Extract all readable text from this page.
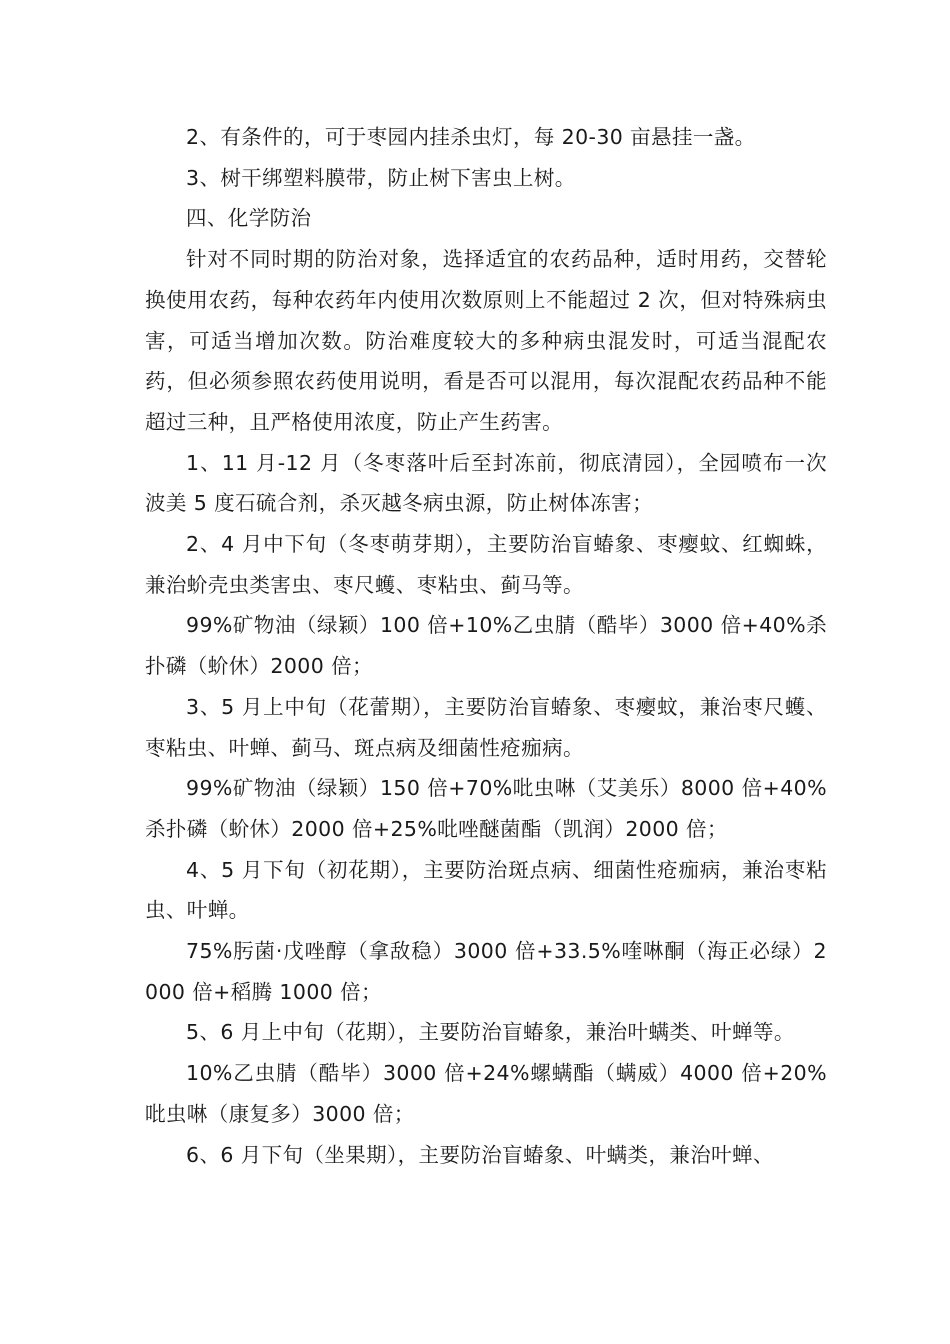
2、有条件的，可于枣园内挂杀虫灯，每 20-30 亩悬挂一盏。

3、树干绑塑料膜带，防止树下害虫上树。

四、化学防治

针对不同时期的防治对象，选择适宜的农药品种，适时用药，交替轮换使用农药，每种农药年内使用次数原则上不能超过 2 次，但对特殊病虫害，可适当增加次数。防治难度较大的多种病虫混发时，可适当混配农药，但必须参照农药使用说明，看是否可以混用，每次混配农药品种不能超过三种，且严格使用浓度，防止产生药害。

1、11 月-12 月（冬枣落叶后至封冻前，彻底清园），全园喷布一次波美 5 度石硫合剂，杀灭越冬病虫源，防止树体冻害；

2、4 月中下旬（冬枣萌芽期），主要防治盲蝽象、枣瘿蚊、红蜘蛛，兼治蚧壳虫类害虫、枣尺蠖、枣粘虫、蓟马等。

99%矿物油（绿颖）100 倍+10%乙虫腈（酷毕）3000 倍+40%杀扑磷（蚧休）2000 倍；

3、5 月上中旬（花蕾期），主要防治盲蝽象、枣瘿蚊，兼治枣尺蠖、枣粘虫、叶蝉、蓟马、斑点病及细菌性疮痂病。

99%矿物油（绿颖）150 倍+70%吡虫啉（艾美乐）8000 倍+40%杀扑磷（蚧休）2000 倍+25%吡唑醚菌酯（凯润）2000 倍；

4、5 月下旬（初花期），主要防治斑点病、细菌性疮痂病，兼治枣粘虫、叶蝉。

75%肟菌·戊唑醇（拿敌稳）3000 倍+33.5%喹啉酮（海正必绿）2000 倍+稻腾 1000 倍；

5、6 月上中旬（花期），主要防治盲蝽象，兼治叶螨类、叶蝉等。

10%乙虫腈（酷毕）3000 倍+24%螺螨酯（螨威）4000 倍+20%吡虫啉（康复多）3000 倍；

6、6 月下旬（坐果期），主要防治盲蝽象、叶螨类，兼治叶蝉、
